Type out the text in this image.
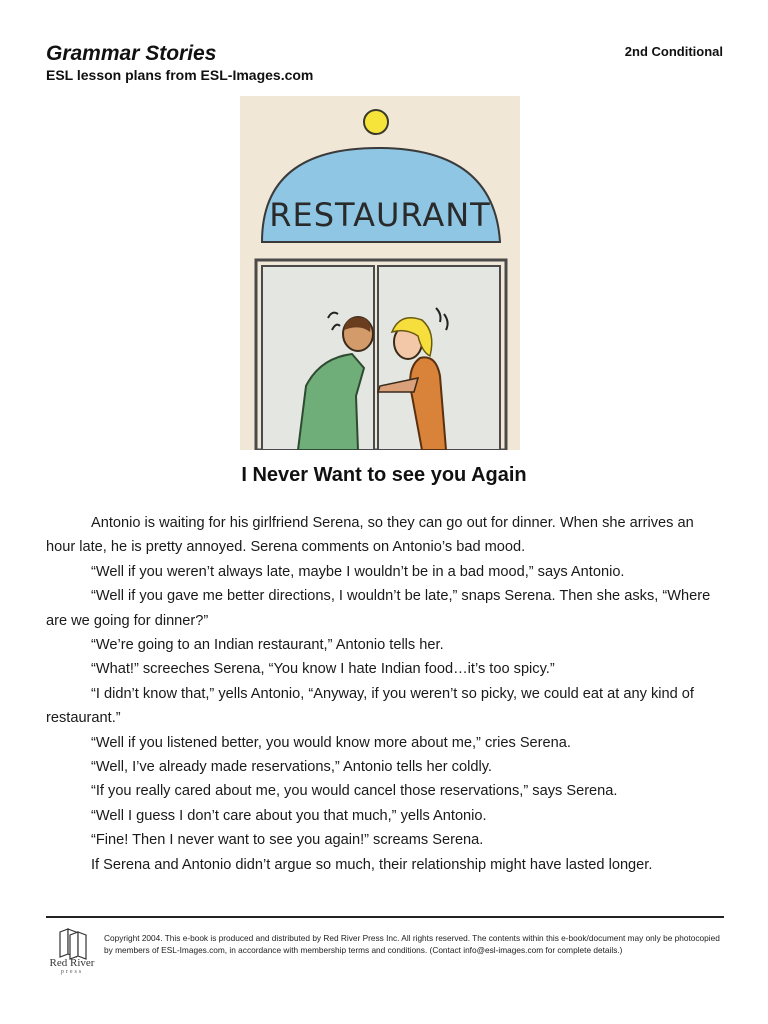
Grammar Stories
ESL lesson plans from ESL-Images.com
2nd Conditional
RESTAURANT
I Never Want to see you Again

Antonio is waiting for his girlfriend Serena, so they can go out for dinner. When she arrives an hour late, he is pretty annoyed. Serena comments on Antonio’s bad mood.

“Well if you weren’t always late, maybe I wouldn’t be in a bad mood,” says Antonio.

“Well if you gave me better directions, I wouldn’t be late,” snaps Serena. Then she asks, “Where are we going for dinner?”

“We’re going to an Indian restaurant,” Antonio tells her.

“What!” screeches Serena, “You know I hate Indian food…it’s too spicy.”

“I didn’t know that,” yells Antonio, “Anyway, if you weren’t so picky, we could eat at any kind of restaurant.”

“Well if you listened better, you would know more about me,” cries Serena.

“Well, I’ve already made reservations,” Antonio tells her coldly.

“If you really cared about me, you would cancel those reservations,” says Serena.

“Well I guess I don’t care about you that much,” yells Antonio.

“Fine! Then I never want to see you again!” screams Serena.

If Serena and Antonio didn’t argue so much, their relationship might have lasted longer.

Red River
press
Copyright 2004. This e-book is produced and distributed by Red River Press Inc. All rights reserved. The contents within this e-book/document may only be photocopied by members of ESL-Images.com, in accordance with membership terms and conditions. (Contact info@esl-images.com for complete details.)
